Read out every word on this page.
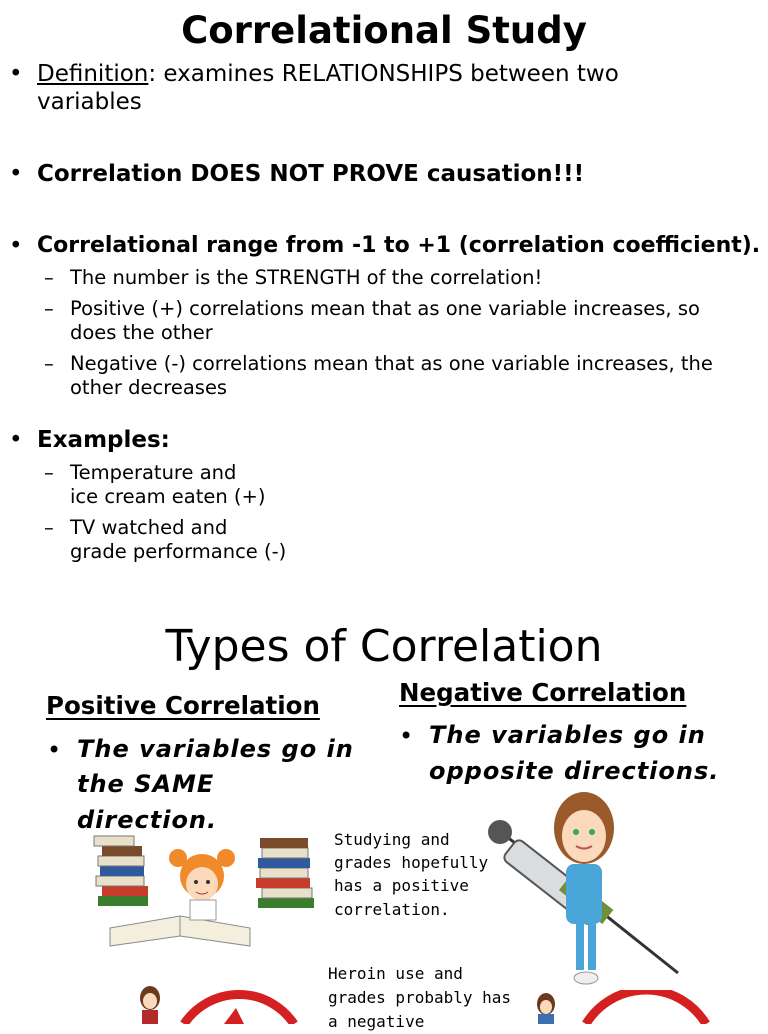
Correlational Study
• Definition: examines RELATIONSHIPS between two
variables
• Correlation DOES NOT PROVE causation!!!
• Correlational range from -1 to +1 (correlation coefficient).
– The number is the STRENGTH of the correlation!
– Positive (+) correlations mean that as one variable increases, so
does the other
– Negative (-) correlations mean that as one variable increases, the
other decreases
• Examples:
– Temperature and
ice cream eaten (+)
– TV watched and
grade performance (-)
Types of Correlation
Positive Correlation
• The variables go in
the SAME
direction.
Negative Correlation
• The variables go in
opposite directions.
Studying and
grades hopefully
has a positive
correlation.
Heroin use and
grades probably has
a negative
